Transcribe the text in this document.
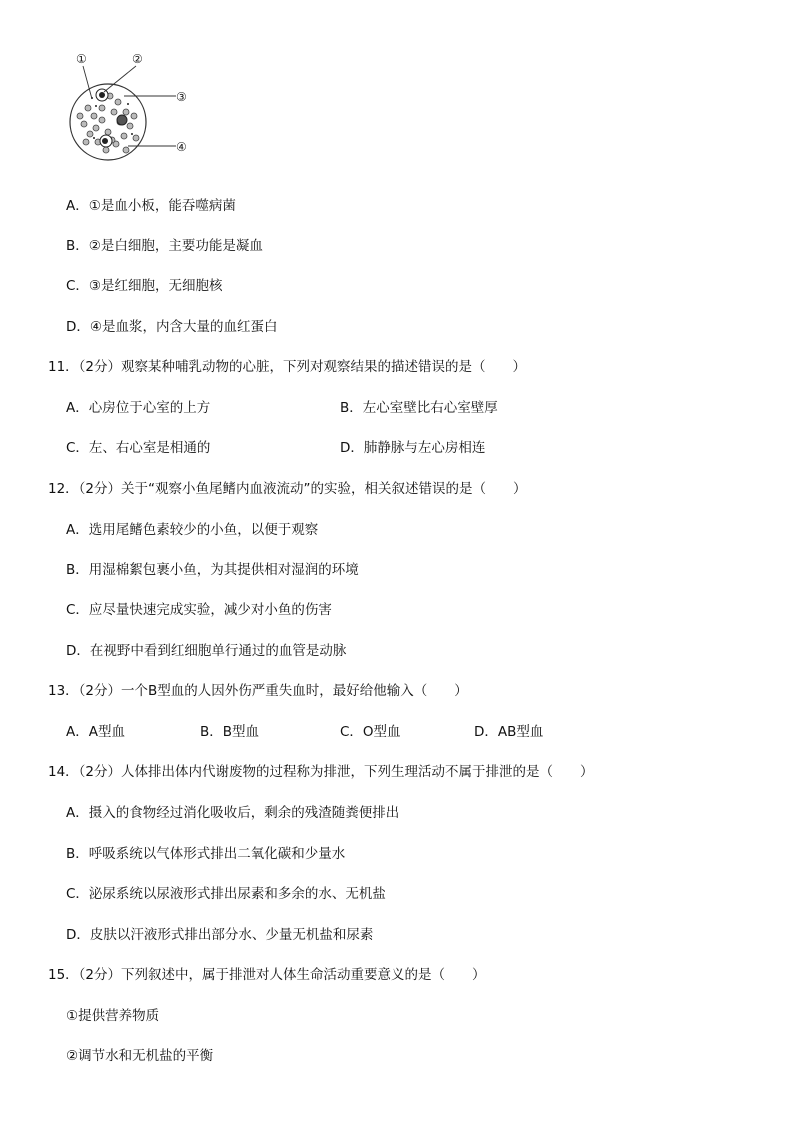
①	②
③
④
A．①是血小板，能吞噬病菌
B．②是白细胞，主要功能是凝血
C．③是红细胞，无细胞核
D．④是血浆，内含大量的血红蛋白
11．（2分）观察某种哺乳动物的心脏，下列对观察结果的描述错误的是（　　）
A．心房位于心室的上方	B．左心室壁比右心室壁厚
C．左、右心室是相通的	D．肺静脉与左心房相连
12．（2分）关于“观察小鱼尾鳍内血液流动”的实验，相关叙述错误的是（　　）
A．选用尾鳍色素较少的小鱼，以便于观察
B．用湿棉絮包裹小鱼，为其提供相对湿润的环境
C．应尽量快速完成实验，减少对小鱼的伤害
D．在视野中看到红细胞单行通过的血管是动脉
13．（2分）一个B型血的人因外伤严重失血时，最好给他输入（　　）
A．A型血	B．B型血	C．O型血	D．AB型血
14．（2分）人体排出体内代谢废物的过程称为排泄，下列生理活动不属于排泄的是（　　）
A．摄入的食物经过消化吸收后，剩余的残渣随粪便排出
B．呼吸系统以气体形式排出二氧化碳和少量水
C．泌尿系统以尿液形式排出尿素和多余的水、无机盐
D．皮肤以汗液形式排出部分水、少量无机盐和尿素
15．（2分）下列叙述中，属于排泄对人体生命活动重要意义的是（　　）
①提供营养物质
②调节水和无机盐的平衡
